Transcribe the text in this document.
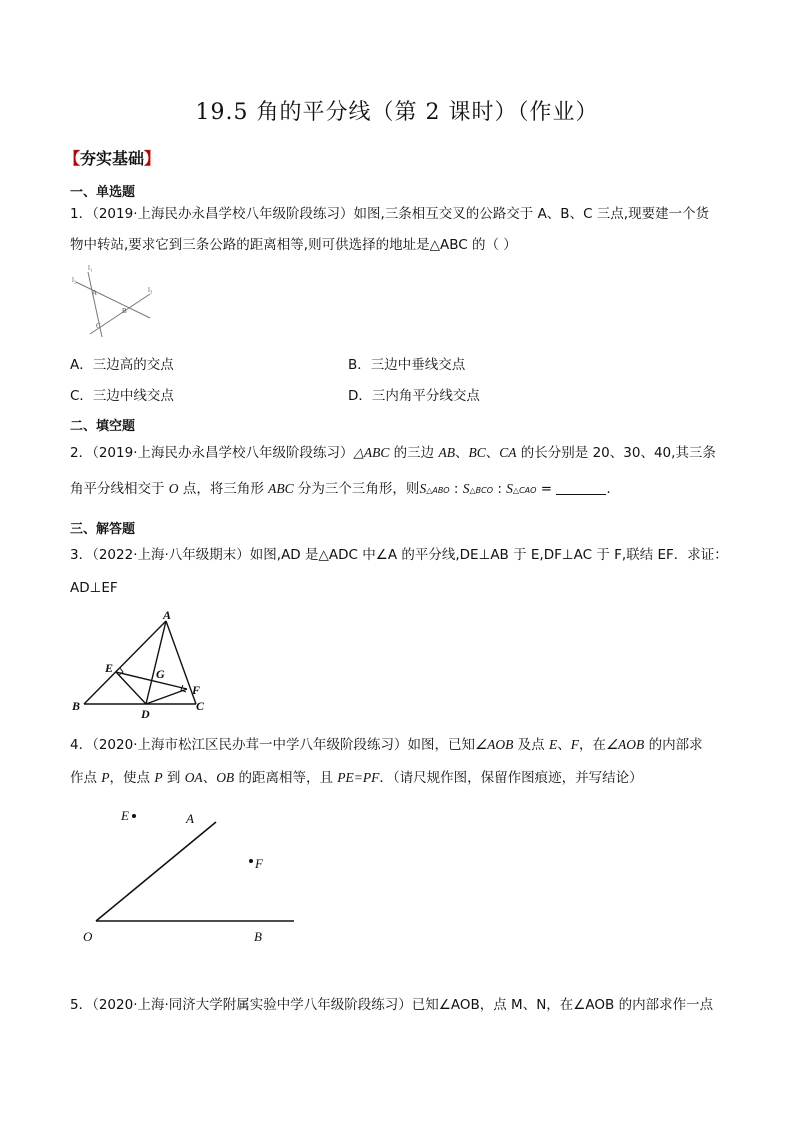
19.5 角的平分线（第 2 课时）（作业）
【夯实基础】
一、单选题
1．（2019·上海民办永昌学校八年级阶段练习）如图,三条相互交叉的公路交于 A、B、C 三点,现要建一个货
物中转站,要求它到三条公路的距离相等,则可供选择的地址是△ABC 的（ ）
l₁
l₂
l₃
A
B
C
A．三边高的交点	B．三边中垂线交点
C．三边中线交点	D．三内角平分线交点
二、填空题
2．（2019·上海民办永昌学校八年级阶段练习）△ABC 的三边 AB、BC、CA 的长分别是 20、30、40,其三条
角平分线相交于 O 点，将三角形 ABC 分为三个三角形，则S△ABO : S△BCO : S△CAO =	.
三、解答题
3．（2022·上海·八年级期末）如图,AD 是△ADC 中∠A 的平分线,DE⊥AB 于 E,DF⊥AC 于 F,联结 EF．求证：
AD⊥EF
A
B	C
D
E
F
G
4．（2020·上海市松江区民办茸一中学八年级阶段练习）如图，已知∠AOB 及点 E、F，在∠AOB 的内部求
作点 P，使点 P 到 OA、OB 的距离相等，且 PE=PF．（请尺规作图，保留作图痕迹，并写结论）
E	A
F
O	B
5．（2020·上海·同济大学附属实验中学八年级阶段练习）已知∠AOB，点 M、N，在∠AOB 的内部求作一点
